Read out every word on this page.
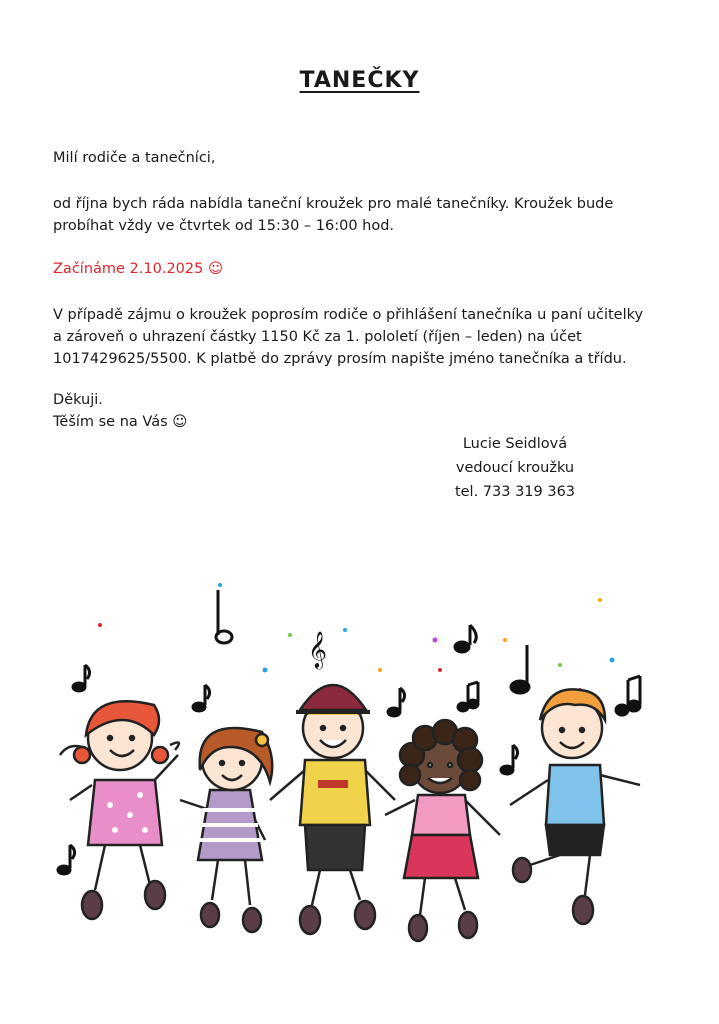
TANEČKY
Milí rodiče a tanečníci,
od října bych ráda nabídla taneční kroužek pro malé tanečníky. Kroužek bude
probíhat vždy ve čtvrtek od 15:30 – 16:00 hod.
Začínáme 2.10.2025 ☺
V případě zájmu o kroužek poprosím rodiče o přihlášení tanečníka u paní učitelky
a zároveň o uhrazení částky 1150 Kč za 1. pololetí (říjen – leden) na účet
1017429625/5500. K platbě do zprávy prosím napište jméno tanečníka a třídu.
Děkuji.
Těším se na Vás ☺
Lucie Seidlová
vedoucí kroužku
tel. 733 319 363
𝄞
